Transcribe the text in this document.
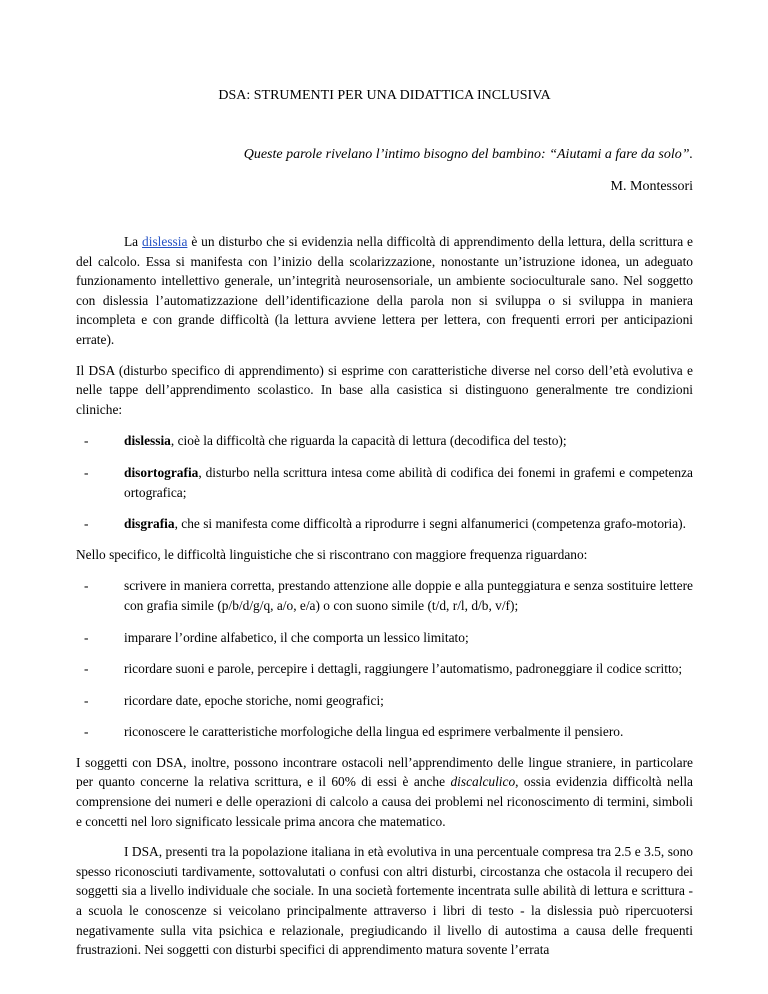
DSA: STRUMENTI PER UNA DIDATTICA INCLUSIVA
Queste parole rivelano l’intimo bisogno del bambino: “Aiutami a fare da solo”.
M. Montessori

La dislessia è un disturbo che si evidenzia nella difficoltà di apprendimento della lettura, della scrittura e del calcolo. Essa si manifesta con l’inizio della scolarizzazione, nonostante un’istruzione idonea, un adeguato funzionamento intellettivo generale, un’integrità neurosensoriale, un ambiente socioculturale sano. Nel soggetto con dislessia l’automatizzazione dell’identificazione della parola non si sviluppa o si sviluppa in maniera incompleta e con grande difficoltà (la lettura avviene lettera per lettera, con frequenti errori per anticipazioni errate).

Il DSA (disturbo specifico di apprendimento) si esprime con caratteristiche diverse nel corso dell’età evolutiva e nelle tappe dell’apprendimento scolastico. In base alla casistica si distinguono generalmente tre condizioni cliniche:

-	dislessia, cioè la difficoltà che riguarda la capacità di lettura (decodifica del testo);
-	disortografia, disturbo nella scrittura intesa come abilità di codifica dei fonemi in grafemi e competenza ortografica;
-	disgrafia, che si manifesta come difficoltà a riprodurre i segni alfanumerici (competenza grafo-motoria).

Nello specifico, le difficoltà linguistiche che si riscontrano con maggiore frequenza riguardano:

-	scrivere in maniera corretta, prestando attenzione alle doppie e alla punteggiatura e senza sostituire lettere con grafia simile (p/b/d/g/q, a/o, e/a) o con suono simile (t/d, r/l, d/b, v/f);
-	imparare l’ordine alfabetico, il che comporta un lessico limitato;
-	ricordare suoni e parole, percepire i dettagli, raggiungere l’automatismo, padroneggiare il codice scritto;
-	ricordare date, epoche storiche, nomi geografici;
-	riconoscere le caratteristiche morfologiche della lingua ed esprimere verbalmente il pensiero.

I soggetti con DSA, inoltre, possono incontrare ostacoli nell’apprendimento delle lingue straniere, in particolare per quanto concerne la relativa scrittura, e il 60% di essi è anche discalculico, ossia evidenzia difficoltà nella comprensione dei numeri e delle operazioni di calcolo a causa dei problemi nel riconoscimento di termini, simboli e concetti nel loro significato lessicale prima ancora che matematico.

I DSA, presenti tra la popolazione italiana in età evolutiva in una percentuale compresa tra 2.5 e 3.5, sono spesso riconosciuti tardivamente, sottovalutati o confusi con altri disturbi, circostanza che ostacola il recupero dei soggetti sia a livello individuale che sociale. In una società fortemente incentrata sulle abilità di lettura e scrittura - a scuola le conoscenze si veicolano principalmente attraverso i libri di testo - la dislessia può ripercuotersi negativamente sulla vita psichica e relazionale, pregiudicando il livello di autostima a causa delle frequenti frustrazioni. Nei soggetti con disturbi specifici di apprendimento matura sovente l’errata
